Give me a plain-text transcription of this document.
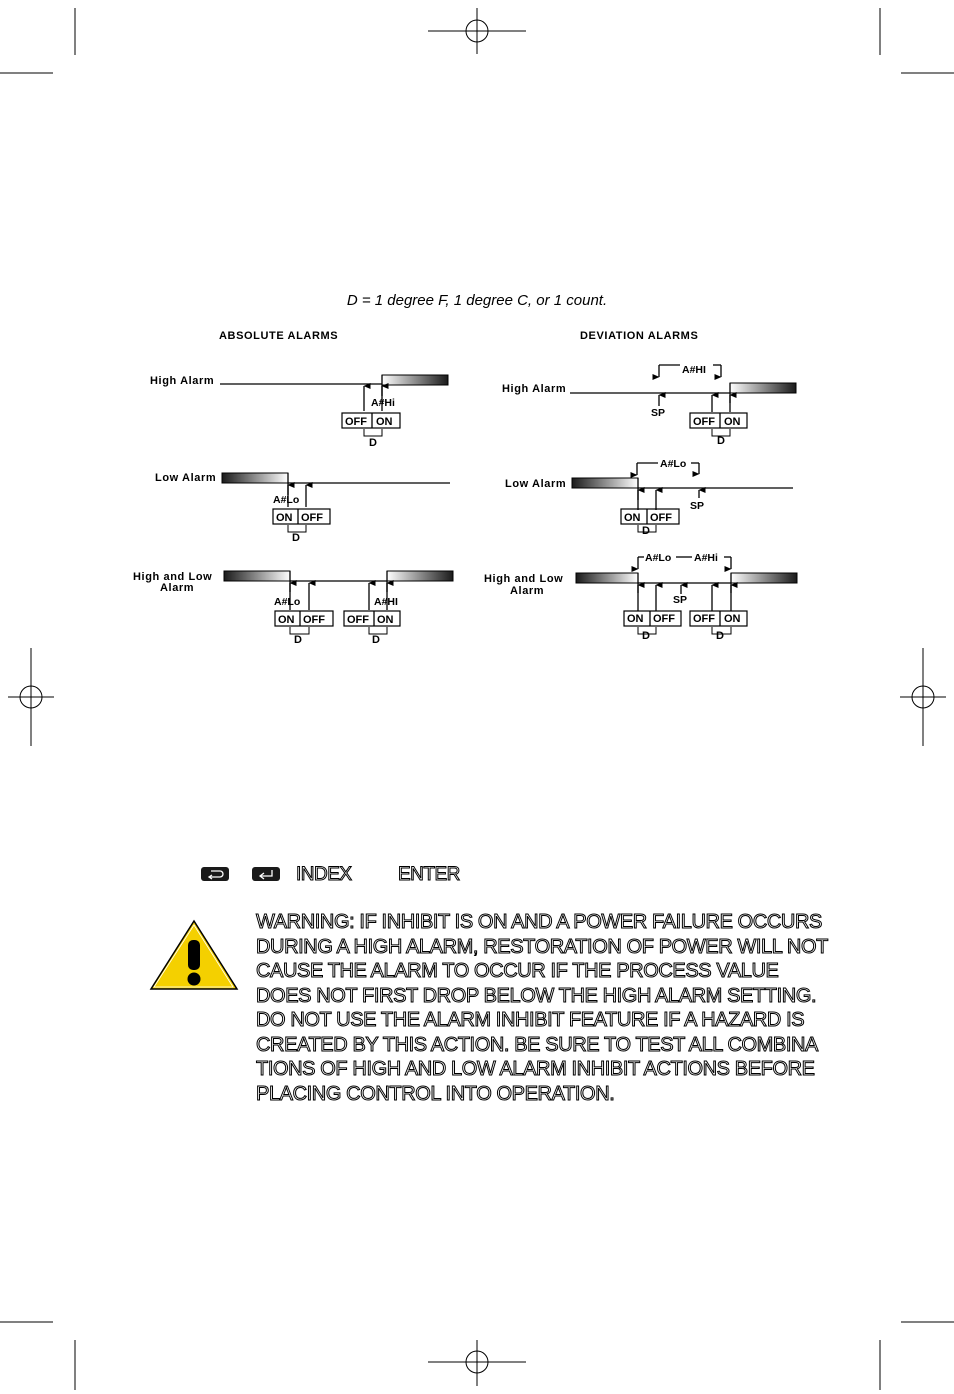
D = 1 degree F, 1 degree C, or 1 count.
ABSOLUTE ALARMS	DEVIATION ALARMS
High Alarm
A#Hi
OFF ON
D
Low Alarm
A#Lo
ON OFF
D
High and Low
Alarm
A#Lo	A#HI
ON OFF OFF ON
D	D
High Alarm
A#HI
SP
OFF ON
D
Low Alarm
A#Lo
SP
ON OFF
D
High and Low
Alarm
A#Lo A#Hi
SP
ON OFF OFF ON
D	D
INDEX ENTER
WARNING: IF INHIBIT IS ON AND A POWER FAILURE OCCURS
DURING A HIGH ALARM, RESTORATION OF POWER WILL NOT
CAUSE THE ALARM TO OCCUR IF THE PROCESS VALUE
DOES NOT FIRST DROP BELOW THE HIGH ALARM SETTING.
DO NOT USE THE ALARM INHIBIT FEATURE IF A HAZARD IS
CREATED BY THIS ACTION. BE SURE TO TEST ALL COMBINA
TIONS OF HIGH AND LOW ALARM INHIBIT ACTIONS BEFORE
PLACING CONTROL INTO OPERATION.
